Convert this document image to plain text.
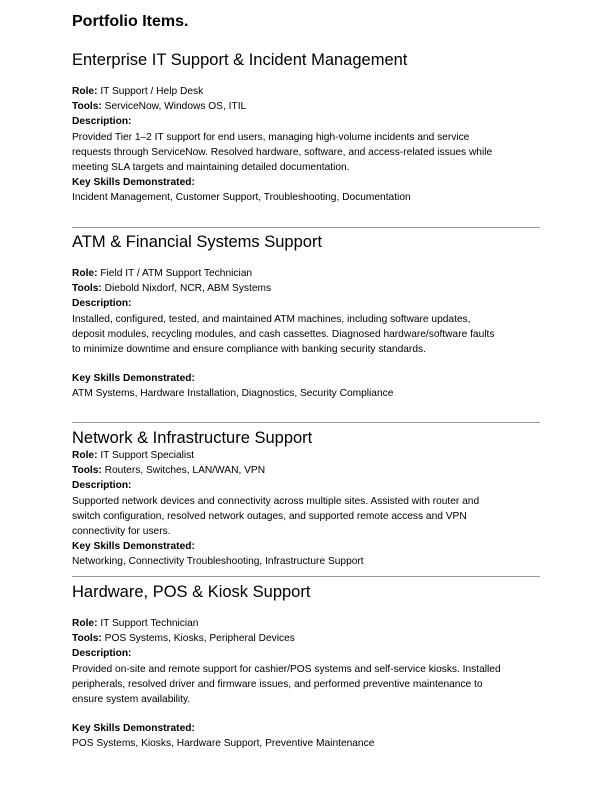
Portfolio Items.
Enterprise IT Support & Incident Management
Role: IT Support / Help Desk
Tools: ServiceNow, Windows OS, ITIL
Description:
Provided Tier 1–2 IT support for end users, managing high-volume incidents and service
requests through ServiceNow. Resolved hardware, software, and access-related issues while
meeting SLA targets and maintaining detailed documentation.
Key Skills Demonstrated:
Incident Management, Customer Support, Troubleshooting, Documentation
ATM & Financial Systems Support
Role: Field IT / ATM Support Technician
Tools: Diebold Nixdorf, NCR, ABM Systems
Description:
Installed, configured, tested, and maintained ATM machines, including software updates,
deposit modules, recycling modules, and cash cassettes. Diagnosed hardware/software faults
to minimize downtime and ensure compliance with banking security standards.
Key Skills Demonstrated:
ATM Systems, Hardware Installation, Diagnostics, Security Compliance
Network & Infrastructure Support
Role: IT Support Specialist
Tools: Routers, Switches, LAN/WAN, VPN
Description:
Supported network devices and connectivity across multiple sites. Assisted with router and
switch configuration, resolved network outages, and supported remote access and VPN
connectivity for users.
Key Skills Demonstrated:
Networking, Connectivity Troubleshooting, Infrastructure Support
Hardware, POS & Kiosk Support
Role: IT Support Technician
Tools: POS Systems, Kiosks, Peripheral Devices
Description:
Provided on-site and remote support for cashier/POS systems and self-service kiosks. Installed
peripherals, resolved driver and firmware issues, and performed preventive maintenance to
ensure system availability.
Key Skills Demonstrated:
POS Systems, Kiosks, Hardware Support, Preventive Maintenance
